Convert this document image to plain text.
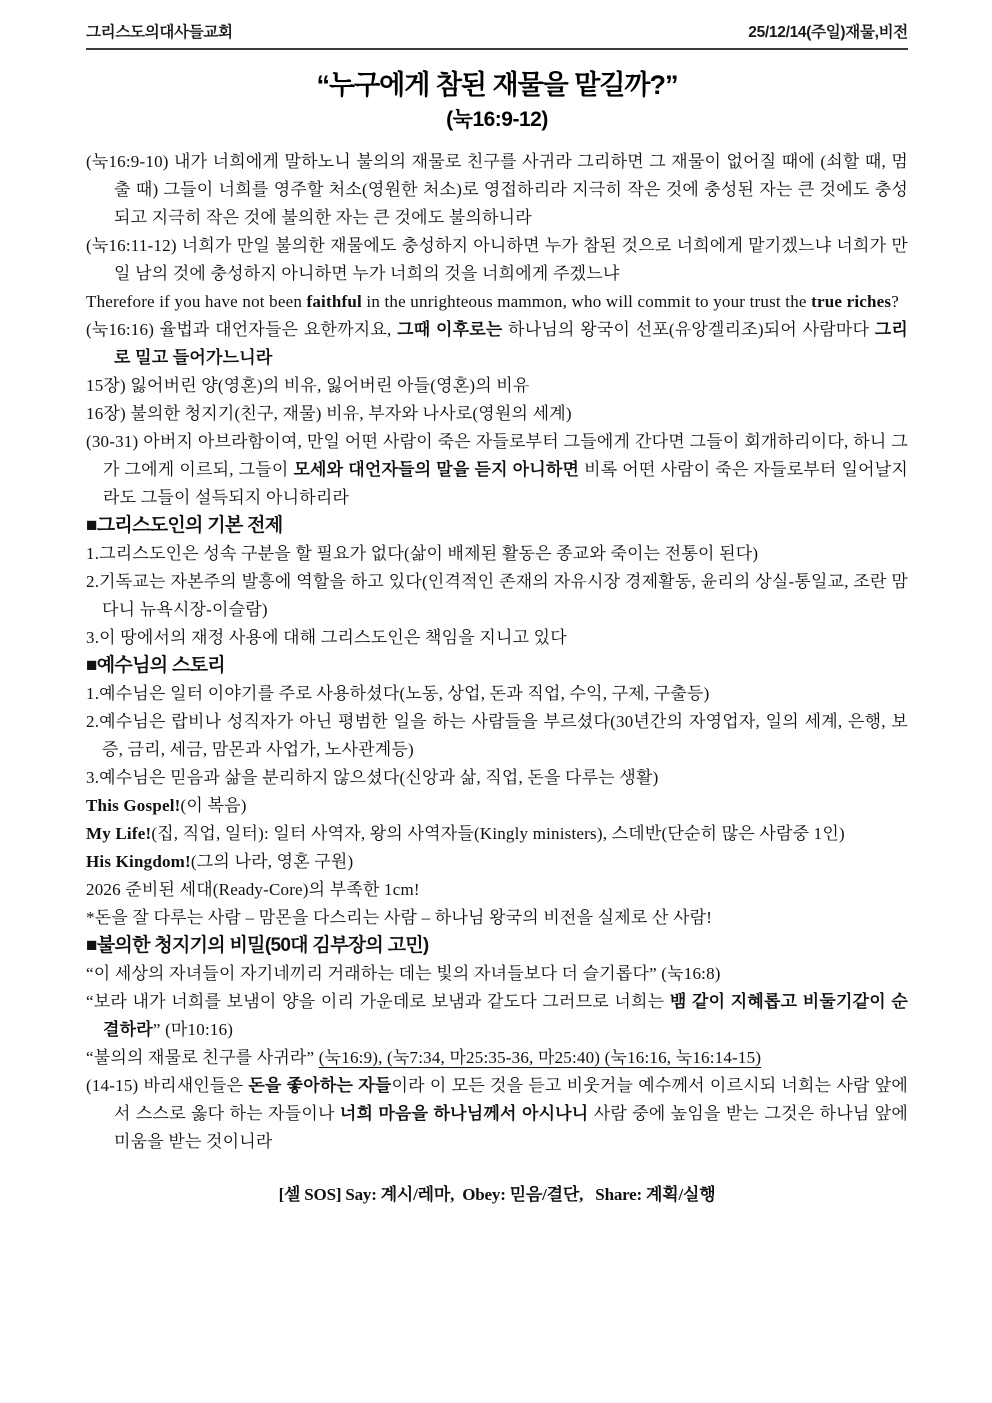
그리스도의대사들교회	25/12/14(주일)재물,비전
“누구에게 참된 재물을 맡길까?”
(눅16:9-12)

(눅16:9-10) 내가 너희에게 말하노니 불의의 재물로 친구를 사귀라 그리하면 그 재물이 없어질 때에 (쇠할 때, 멈출 때) 그들이 너희를 영주할 처소(영원한 처소)로 영접하리라 지극히 작은 것에 충성된 자는 큰 것에도 충성되고 지극히 작은 것에 불의한 자는 큰 것에도 불의하니라

(눅16:11-12) 너희가 만일 불의한 재물에도 충성하지 아니하면 누가 참된 것으로 너희에게 맡기겠느냐 너희가 만일 남의 것에 충성하지 아니하면 누가 너희의 것을 너희에게 주겠느냐

Therefore if you have not been faithful in the unrighteous mammon, who will commit to your trust the true riches?

(눅16:16) 율법과 대언자들은 요한까지요, 그때 이후로는 하나님의 왕국이 선포(유앙겔리조)되어 사람마다 그리로 밀고 들어가느니라

15장) 잃어버린 양(영혼)의 비유, 잃어버린 아들(영혼)의 비유

16장) 불의한 청지기(친구, 재물) 비유, 부자와 나사로(영원의 세계)

(30-31) 아버지 아브라함이여, 만일 어떤 사람이 죽은 자들로부터 그들에게 간다면 그들이 회개하리이다, 하니 그가 그에게 이르되, 그들이 모세와 대언자들의 말을 듣지 아니하면 비록 어떤 사람이 죽은 자들로부터 일어날지라도 그들이 설득되지 아니하리라

■그리스도인의 기본 전제

1.그리스도인은 성속 구분을 할 필요가 없다(삶이 배제된 활동은 종교와 죽이는 전통이 된다)

2.기독교는 자본주의 발흥에 역할을 하고 있다(인격적인 존재의 자유시장 경제활동, 윤리의 상실-통일교, 조란 맘다니 뉴욕시장-이슬람)

3.이 땅에서의 재정 사용에 대해 그리스도인은 책임을 지니고 있다

■예수님의 스토리

1.예수님은 일터 이야기를 주로 사용하셨다(노동, 상업, 돈과 직업, 수익, 구제, 구출등)

2.예수님은 랍비나 성직자가 아닌 평범한 일을 하는 사람들을 부르셨다(30년간의 자영업자, 일의 세계, 은행, 보증, 금리, 세금, 맘몬과 사업가, 노사관계등)

3.예수님은 믿음과 삶을 분리하지 않으셨다(신앙과 삶, 직업, 돈을 다루는 생활)

This Gospel!(이 복음)

My Life!(집, 직업, 일터): 일터 사역자, 왕의 사역자들(Kingly ministers), 스데반(단순히 많은 사람중 1인)

His Kingdom!(그의 나라, 영혼 구원)

2026 준비된 세대(Ready-Core)의 부족한 1cm!

*돈을 잘 다루는 사람 – 맘몬을 다스리는 사람 – 하나님 왕국의 비전을 실제로 산 사람!

■불의한 청지기의 비밀(50대 김부장의 고민)

“이 세상의 자녀들이 자기네끼리 거래하는 데는 빛의 자녀들보다 더 슬기롭다” (눅16:8)

“보라 내가 너희를 보냄이 양을 이리 가운데로 보냄과 같도다 그러므로 너희는 뱀 같이 지혜롭고 비둘기같이 순결하라” (마10:16)

“불의의 재물로 친구를 사귀라” (눅16:9), (눅7:34, 마25:35-36, 마25:40) (눅16:16, 눅16:14-15)

(14-15) 바리새인들은 돈을 좋아하는 자들이라 이 모든 것을 듣고 비웃거늘 예수께서 이르시되 너희는 사람 앞에서 스스로 옳다 하는 자들이나 너희 마음을 하나님께서 아시나니 사람 중에 높임을 받는 그것은 하나님 앞에 미움을 받는 것이니라

[셀 SOS] Say: 계시/레마,  Obey: 믿음/결단,   Share: 계획/실행
